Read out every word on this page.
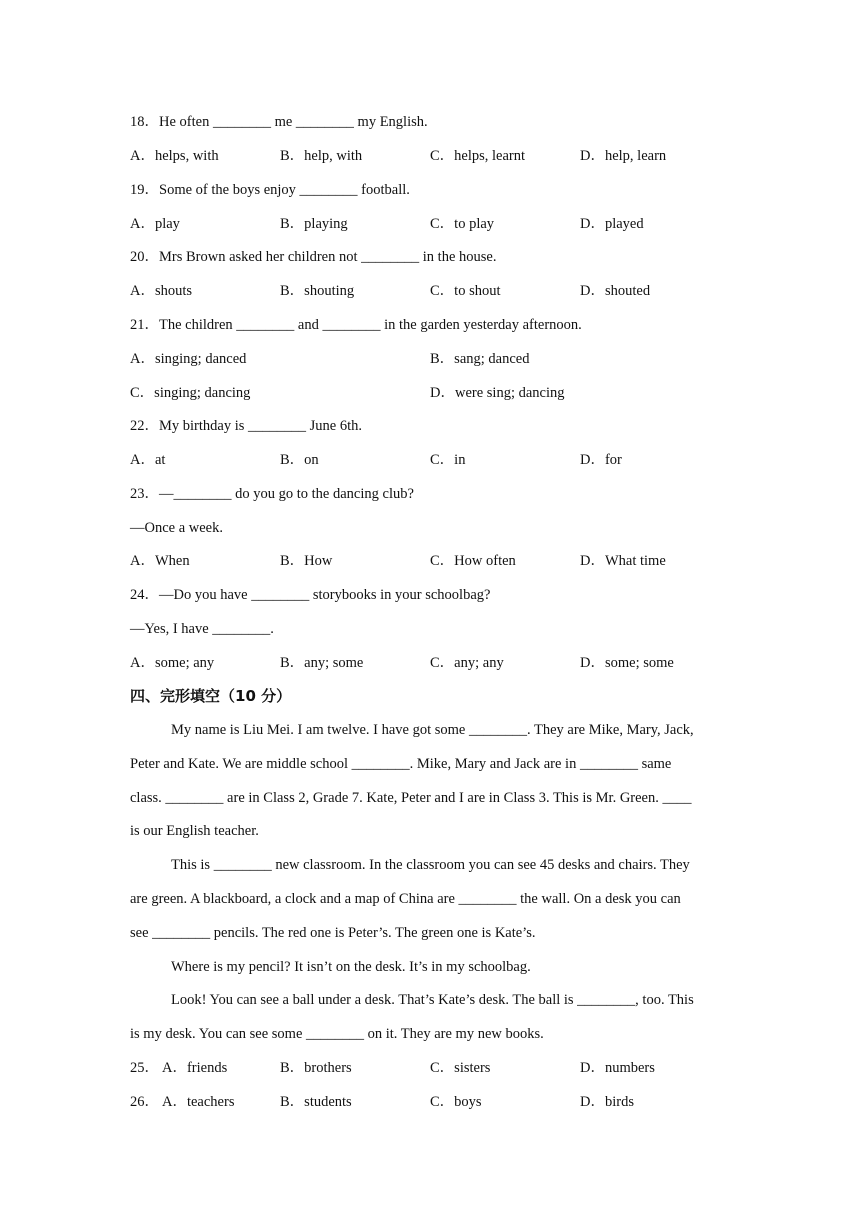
18．He often ________ me ________ my English.
A．helps, with	B．help, with	C．helps, learnt	D．help, learn
19．Some of the boys enjoy ________ football.
A．play	B．playing	C．to play	D．played
20．Mrs Brown asked her children not ________ in the house.
A．shouts	B．shouting	C．to shout	D．shouted
21．The children ________ and ________ in the garden yesterday afternoon.
A．singing; danced	B．sang; danced
C．singing; dancing	D．were sing; dancing
22．My birthday is ________ June 6th.
A．at	B．on	C．in	D．for
23．—________ do you go to the dancing club?
—Once a week.
A．When	B．How	C．How often	D．What time
24．—Do you have ________ storybooks in your schoolbag?
—Yes, I have ________.
A．some; any	B．any; some	C．any; any	D．some; some
四、完形填空（10 分）
My name is Liu Mei. I am twelve. I have got some ________. They are Mike, Mary, Jack,
Peter and Kate. We are middle school ________. Mike, Mary and Jack are in ________ same
class. ________ are in Class 2, Grade 7. Kate, Peter and I are in Class 3. This is Mr. Green. ____
is our English teacher.
This is ________ new classroom. In the classroom you can see 45 desks and chairs. They
are green. A blackboard, a clock and a map of China are ________ the wall. On a desk you can
see ________ pencils. The red one is Peter’s. The green one is Kate’s.
Where is my pencil? It isn’t on the desk. It’s in my schoolbag.
Look! You can see a ball under a desk. That’s Kate’s desk. The ball is ________, too. This
is my desk. You can see some ________ on it. They are my new books.
25． A．friends	B．brothers	C．sisters	D．numbers
26． A．teachers	B．students	C．boys	D．birds
